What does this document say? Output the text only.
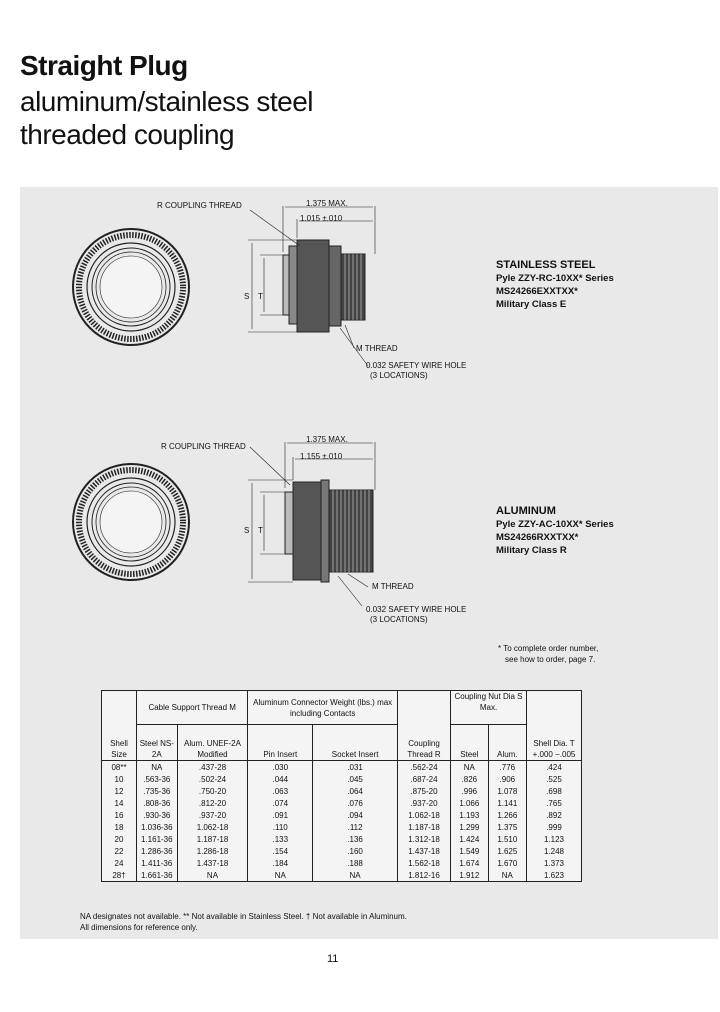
Straight Plug
aluminum/stainless steel
threaded coupling
R COUPLING THREAD	1.375 MAX.
1.015 ±.010
S T
M THREAD
0.032 SAFETY WIRE HOLE
(3 LOCATIONS)
STAINLESS STEEL
Pyle ZZY-RC-10XX* Series
MS24266EXXTXX*
Military Class E
R COUPLING THREAD
1.375 MAX.
1.155 ±.010
S T
M THREAD
0.032 SAFETY WIRE HOLE
(3 LOCATIONS)
ALUMINUM
Pyle ZZY-AC-10XX* Series
MS24266RXXTXX*
Military Class R
* To complete order number,
see how to order, page 7.
Shell Size	Cable Support Thread M		Aluminum Connector Weight (lbs.) max including Contacts		Coupling Thread R	Coupling Nut Dia S Max.		Shell Dia. T +.000 −.005
	Steel NS-2A	Alum. UNEF-2A Modified	Pin Insert	Socket Insert		Steel	Alum.	
08**	NA	.437-28	.030	.031	.562-24	NA	.776	.424
10	.563-36	.502-24	.044	.045	.687-24	.826	.906	.525
12	.735-36	.750-20	.063	.064	.875-20	.996	1.078	.698
14	.808-36	.812-20	.074	.076	.937-20	1.066	1.141	.765
16	.930-36	.937-20	.091	.094	1.062-18	1.193	1.266	.892
18	1.036-36	1.062-18	.110	.112	1.187-18	1.299	1.375	.999
20	1.161-36	1.187-18	.133	.136	1.312-18	1.424	1.510	1.123
22	1.286-36	1.286-18	.154	.160	1.437-18	1.549	1.625	1.248
24	1.411-36	1.437-18	.184	.188	1.562-18	1.674	1.670	1.373
28†	1.661-36	NA	NA	NA	1.812-16	1.912	NA	1.623
NA designates not available. ** Not available in Stainless Steel. † Not available in Aluminum.
All dimensions for reference only.
11
